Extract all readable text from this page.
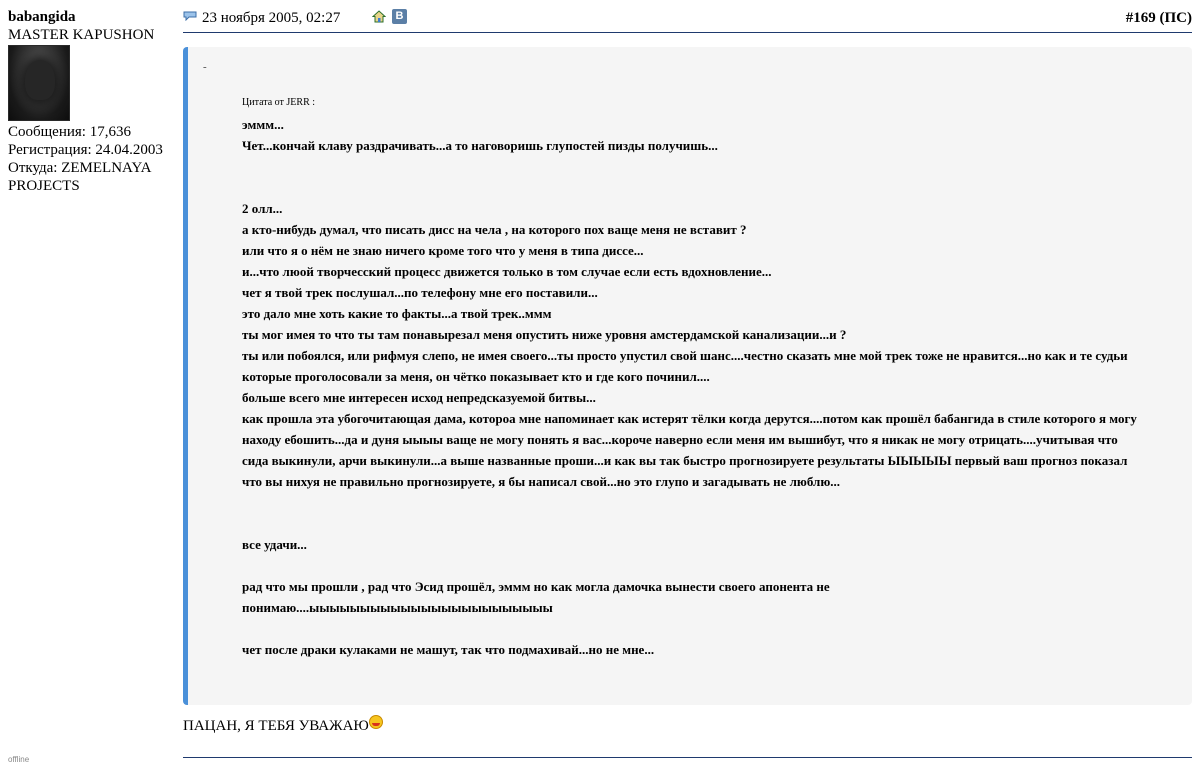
babangida
MASTER KAPUSHON
Сообщения: 17,636
Регистрация: 24.04.2003
Откуда: ZEMELNAYA PROJECTS
offline
23 ноября 2005, 02:27	B	#169 (ПС)
-
Цитата от JERR :

эммм...

Чет...кончай клаву раздрачивать...а то наговоришь глупостей пизды получишь...

2 олл...

а кто-нибудь думал, что писать дисс на чела , на которого пох ваще меня не вставит ?

или что я о нём не знаю ничего кроме того что у меня в типа диссе...

и...что люой творчесский процесс движется только в том случае если есть вдохновление...

чет я твой трек послушал...по телефону мне его поставили...

это дало мне хоть какие то факты...а твой трек..ммм

ты мог имея то что ты там понавырезал меня опустить ниже уровня амстердамской канализации...и ?

ты или побоялся, или рифмуя слепо, не имея своего...ты просто упустил свой шанс....честно сказать мне мой трек тоже не нравится...но как и те судьи которые проголосовали за меня, он чётко показывает кто и где кого починил....

больше всего мне интересен исход непредсказуемой битвы...

как прошла эта убогочитающая дама, котороа мне напоминает как истерят тёлки когда дерутся....потом как прошёл бабангида в стиле которого я могу находу ебошить...да и дуня ыыыы ваще не могу понять я вас...короче наверно если меня им вышибут, что я никак не могу отрицать....учитывая что сида выкинули, арчи выкинули...а выше названные проши...и как вы так быстро прогнозируете результаты ЫЫЫЫЫ первый ваш прогноз показал что вы нихуя не правильно прогнозируете, я бы написал свой...но это глупо и загадывать не люблю...

все удачи...

рад что мы прошли , рад что Эсид прошёл, эммм но как могла дамочка вынести своего апонента не понимаю....ыыыыыыыыыыыыыыыыыыыыыыыы

чет после драки кулаками не машут, так что подмахивай...но не мне...

ПАЦАН, Я ТЕБЯ УВАЖАЮ
